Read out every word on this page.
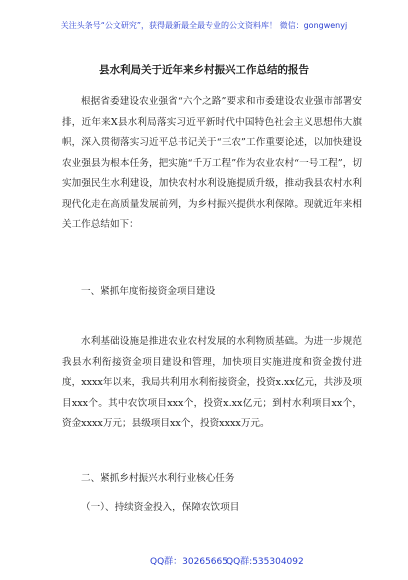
关注头条号“公文研究”，获得最新最全最专业的公文资料库！ 微信：gongwenyj
县水利局关于近年来乡村振兴工作总结的报告

根据省委建设农业强省“六个之路”要求和市委建设农业强市部署安排，近年来X县水利局落实习近平新时代中国特色社会主义思想伟大旗帜，深入贯彻落实习近平总书记关于“三农”工作重要论述，以加快建设农业强县为根本任务，把实施“千万工程”作为农业农村“一号工程”，切实加强民生水利建设，加快农村水利设施提质升级，推动我县农村水利现代化走在高质量发展前列，为乡村振兴提供水利保障。现就近年来相关工作总结如下：

一、紧抓年度衔接资金项目建设

水利基础设施是推进农业农村发展的水利物质基础。为进一步规范我县水利衔接资金项目建设和管理，加快项目实施进度和资金拨付进度，xxxx年以来，我局共利用水利衔接资金，投资x.xx亿元，共涉及项目xxx个。其中农饮项目xxx个，投资x.xx亿元；到村水利项目xx个，资金xxxx万元；县级项目xx个，投资xxxx万元。

二、紧抓乡村振兴水利行业核心任务

（一）、持续资金投入，保障农饮项目

QQ群：30265665
QQ群:535304092
